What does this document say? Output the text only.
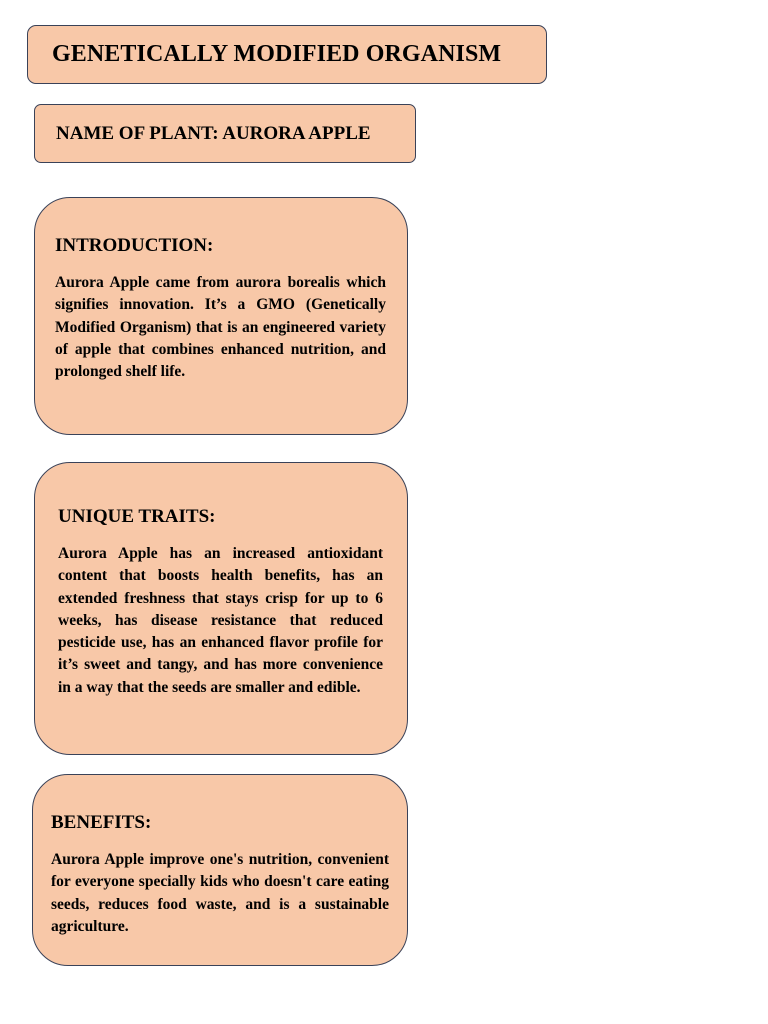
GENETICALLY MODIFIED ORGANISM
NAME OF PLANT: AURORA APPLE
INTRODUCTION:
Aurora Apple came from aurora borealis which signifies innovation. It’s a GMO (Genetically Modified Organism) that is an engineered variety of apple that combines enhanced nutrition, and prolonged shelf life.
UNIQUE TRAITS:
Aurora Apple has an increased antioxidant content that boosts health benefits, has an extended freshness that stays crisp for up to 6 weeks, has disease resistance that reduced pesticide use, has an enhanced flavor profile for it’s sweet and tangy, and has more convenience in a way that the seeds are smaller and edible.
BENEFITS:
Aurora Apple improve one's nutrition, convenient for everyone specially kids who doesn't care eating seeds, reduces food waste, and is a sustainable agriculture.
